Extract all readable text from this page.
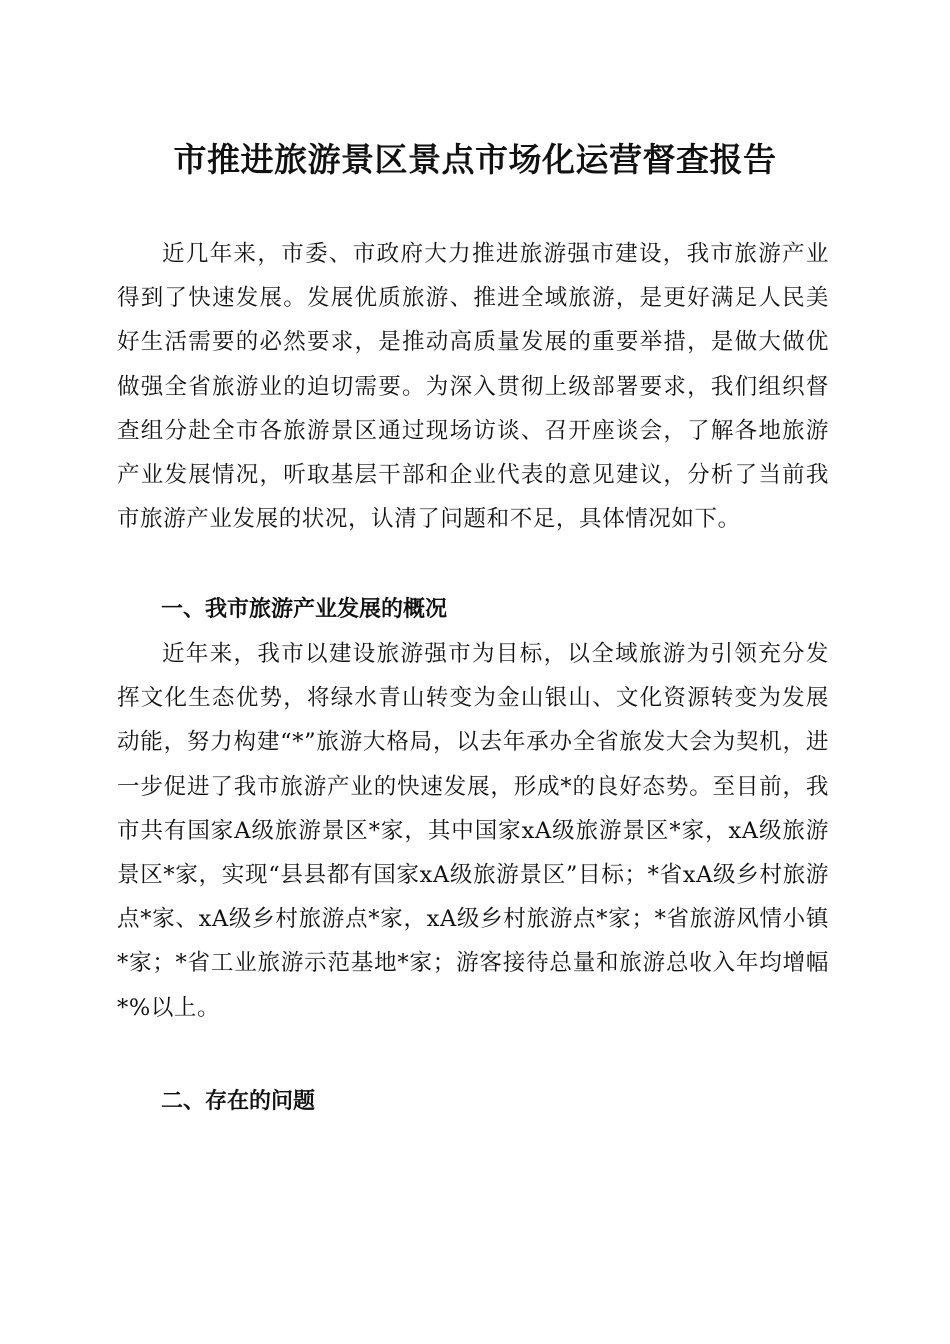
市推进旅游景区景点市场化运营督查报告

近几年来，市委、市政府大力推进旅游强市建设，我市旅游产业得到了快速发展。发展优质旅游、推进全域旅游，是更好满足人民美好生活需要的必然要求，是推动高质量发展的重要举措，是做大做优做强全省旅游业的迫切需要。为深入贯彻上级部署要求，我们组织督查组分赴全市各旅游景区通过现场访谈、召开座谈会，了解各地旅游产业发展情况，听取基层干部和企业代表的意见建议，分析了当前我市旅游产业发展的状况，认清了问题和不足，具体情况如下。

一、我市旅游产业发展的概况

近年来，我市以建设旅游强市为目标，以全域旅游为引领充分发挥文化生态优势，将绿水青山转变为金山银山、文化资源转变为发展动能，努力构建“*”旅游大格局，以去年承办全省旅发大会为契机，进一步促进了我市旅游产业的快速发展，形成*的良好态势。至目前，我市共有国家A级旅游景区*家，其中国家xA级旅游景区*家，xA级旅游景区*家，实现“县县都有国家xA级旅游景区”目标；*省xA级乡村旅游点*家、xA级乡村旅游点*家，xA级乡村旅游点*家；*省旅游风情小镇*家；*省工业旅游示范基地*家；游客接待总量和旅游总收入年均增幅*%以上。

二、存在的问题
